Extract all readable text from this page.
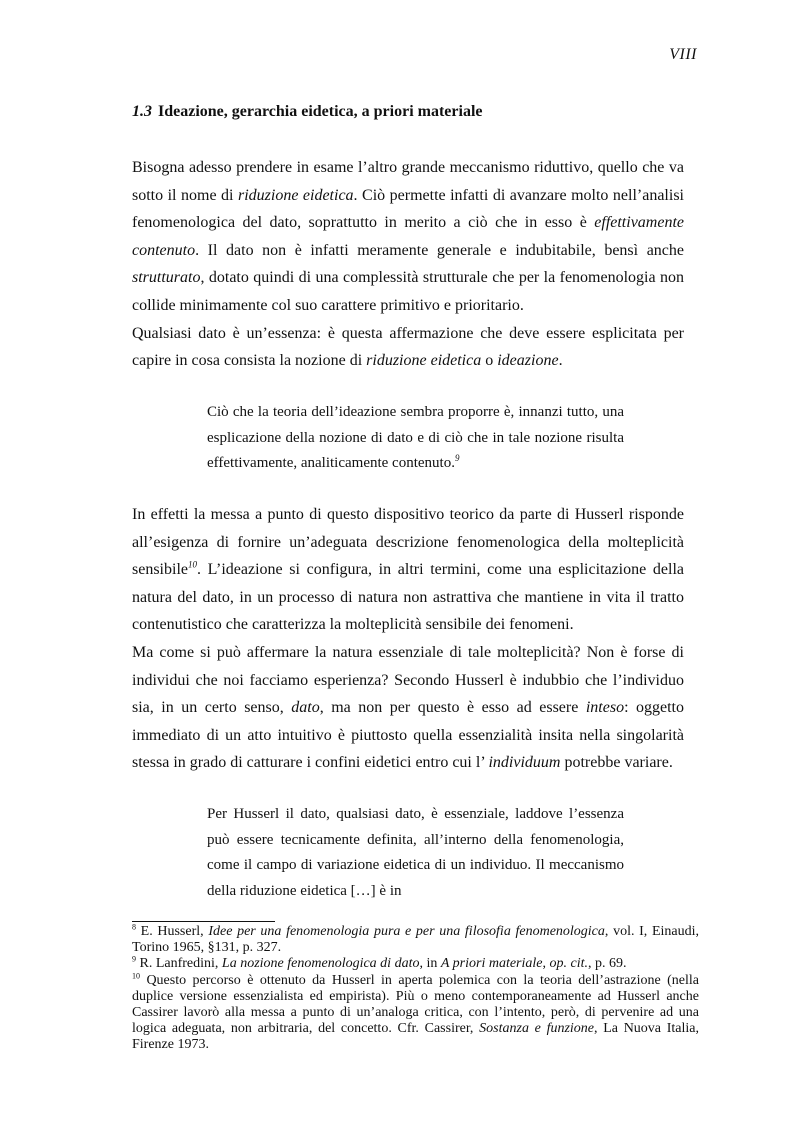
VIII
1.3 Ideazione, gerarchia eidetica, a priori materiale

Bisogna adesso prendere in esame l’altro grande meccanismo riduttivo, quello che va sotto il nome di riduzione eidetica. Ciò permette infatti di avanzare molto nell’analisi fenomenologica del dato, soprattutto in merito a ciò che in esso è effettivamente contenuto. Il dato non è infatti meramente generale e indubitabile, bensì anche strutturato, dotato quindi di una complessità strutturale che per la fenomenologia non collide minimamente col suo carattere primitivo e prioritario.

Qualsiasi dato è un’essenza: è questa affermazione che deve essere esplicitata per capire in cosa consista la nozione di riduzione eidetica o ideazione.

Ciò che la teoria dell’ideazione sembra proporre è, innanzi tutto, una esplicazione della nozione di dato e di ciò che in tale nozione risulta effettivamente, analiticamente contenuto.$^9$

In effetti la messa a punto di questo dispositivo teorico da parte di Husserl risponde all’esigenza di fornire un’adeguata descrizione fenomenologica della molteplicità sensibile$^{10}$. L’ideazione si configura, in altri termini, come una esplicitazione della natura del dato, in un processo di natura non astrattiva che mantiene in vita il tratto contenutistico che caratterizza la molteplicità sensibile dei fenomeni.

Ma come si può affermare la natura essenziale di tale molteplicità? Non è forse di individui che noi facciamo esperienza? Secondo Husserl è indubbio che l’individuo sia, in un certo senso, dato, ma non per questo è esso ad essere inteso: oggetto immediato di un atto intuitivo è piuttosto quella essenzialità insita nella singolarità stessa in grado di catturare i confini eidetici entro cui l’ individuum potrebbe variare.

Per Husserl il dato, qualsiasi dato, è essenziale, laddove l’essenza può essere tecnicamente definita, all’interno della fenomenologia, come il campo di variazione eidetica di un individuo. Il meccanismo della riduzione eidetica […] è in

$^8$ E. Husserl, Idee per una fenomenologia pura e per una filosofia fenomenologica, vol. I, Einaudi, Torino 1965, §131, p. 327.

$^9$ R. Lanfredini, La nozione fenomenologica di dato, in A priori materiale, op. cit., p. 69.

$^{10}$ Questo percorso è ottenuto da Husserl in aperta polemica con la teoria dell’astrazione (nella duplice versione essenzialista ed empirista). Più o meno contemporaneamente ad Husserl anche Cassirer lavorò alla messa a punto di un’analoga critica, con l’intento, però, di pervenire ad una logica adeguata, non arbitraria, del concetto. Cfr. Cassirer, Sostanza e funzione, La Nuova Italia, Firenze 1973.
